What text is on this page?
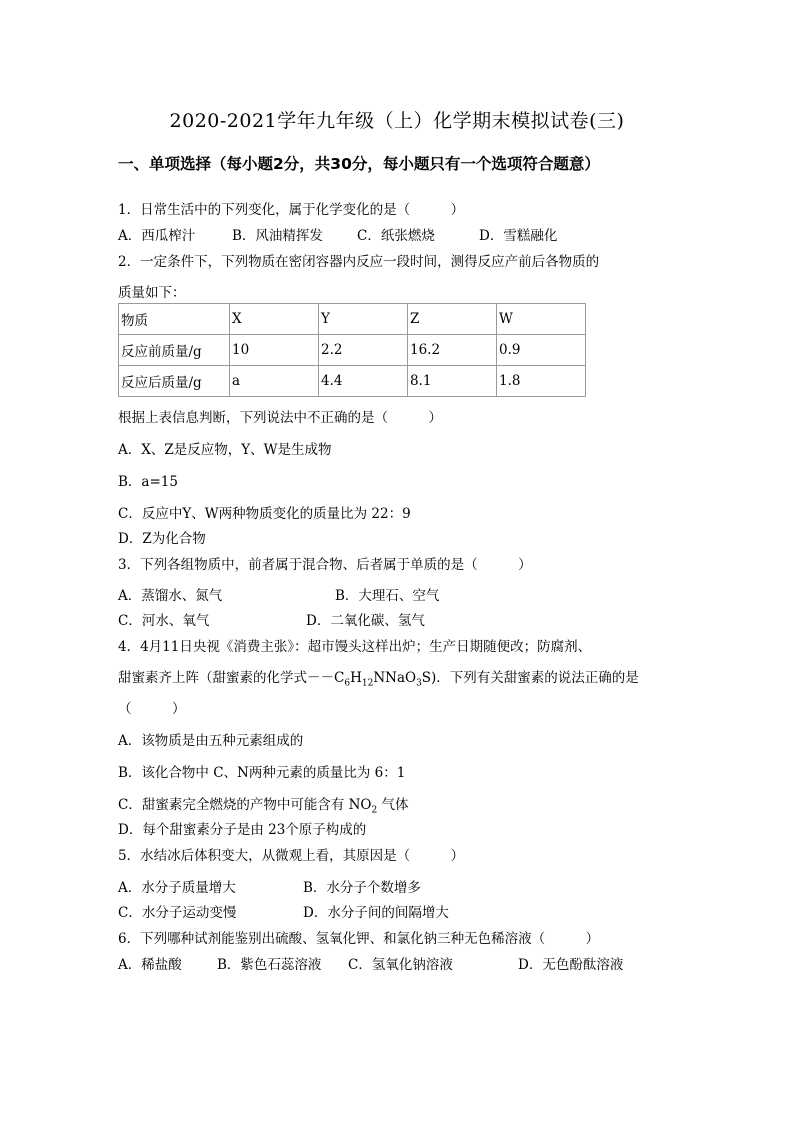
2020-2021学年九年级（上）化学期末模拟试卷(三)
一、单项选择（每小题2分，共30分，每小题只有一个选项符合题意）
1．日常生活中的下列变化，属于化学变化的是（　　　）
A．西瓜榨汁	B．风油精挥发	C．纸张燃烧	D．雪糕融化
2．一定条件下，下列物质在密闭容器内反应一段时间，测得反应产前后各物质的
质量如下：
物质	X	Y	Z	W
反应前质量/g	10	2.2	16.2	0.9
反应后质量/g	a	4.4	8.1	1.8
根据上表信息判断，下列说法中不正确的是（　　　）
A．X、Z是反应物，Y、W是生成物
B．a=15
C．反应中Y、W两种物质变化的质量比为 22：9
D．Z为化合物
3．下列各组物质中，前者属于混合物、后者属于单质的是（　　　）
A．蒸馏水、氮气	B．大理石、空气
C．河水、氧气	D．二氧化碳、氢气
4．4月11日央视《消费主张》：超市馒头这样出炉；生产日期随便改；防腐剂、
甜蜜素齐上阵（甜蜜素的化学式$--C_6H_{12}NNaO_3S$)．下列有关甜蜜素的说法正确的是
（　　　）
A．该物质是由五种元素组成的
B．该化合物中 C、N两种元素的质量比为 6：1
C．甜蜜素完全燃烧的产物中可能含有 $NO_2$ 气体
D．每个甜蜜素分子是由 23个原子构成的
5．水结冰后体积变大，从微观上看，其原因是（　　　）
A．水分子质量增大	B．水分子个数增多
C．水分子运动变慢	D．水分子间的间隔增大
6．下列哪种试剂能鉴别出硫酸、氢氧化钾、和氯化钠三种无色稀溶液（　　　）
A．稀盐酸	B．紫色石蕊溶液 C．氢氧化钠溶液	D．无色酚酞溶液
